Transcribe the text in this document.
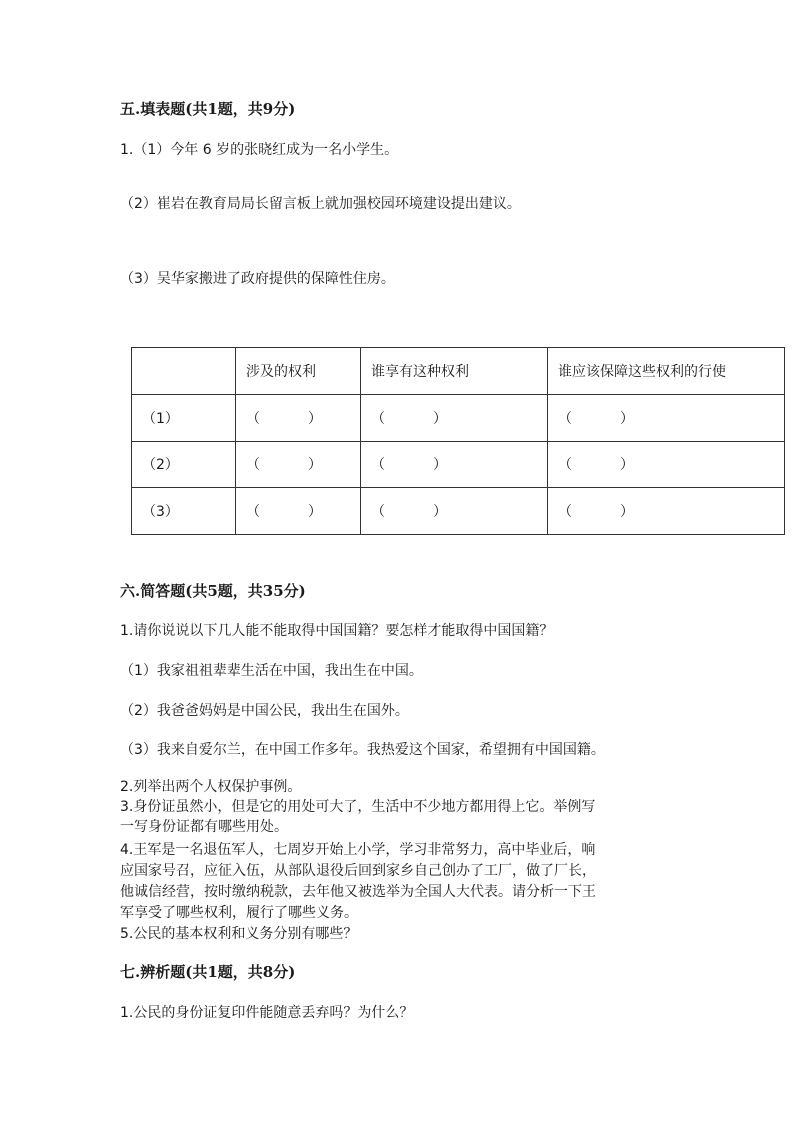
五.填表题(共1题，共9分)
1.（1）今年 6 岁的张晓红成为一名小学生。
（2）崔岩在教育局局长留言板上就加强校园环境建设提出建议。
（3）吴华家搬进了政府提供的保障性住房。
	涉及的权利	谁享有这种权利	谁应该保障这些权利的行使
（1）	（ ）	（ ）	（ ）

（2）	（ ）	（ ）	（ ）

（3）	（ ）	（ ）	（ ）
六.简答题(共5题，共35分)
1.请你说说以下几人能不能取得中国国籍？要怎样才能取得中国国籍？
（1）我家祖祖辈辈生活在中国，我出生在中国。
（2）我爸爸妈妈是中国公民，我出生在国外。
（3）我来自爱尔兰，在中国工作多年。我热爱这个国家，希望拥有中国国籍。
2.列举出两个人权保护事例。
3.身份证虽然小，但是它的用处可大了，生活中不少地方都用得上它。举例写
一写身份证都有哪些用处。
4.王军是一名退伍军人，七周岁开始上小学，学习非常努力，高中毕业后，响
应国家号召，应征入伍，从部队退役后回到家乡自己创办了工厂，做了厂长，
他诚信经营，按时缴纳税款，去年他又被选举为全国人大代表。请分析一下王
军享受了哪些权利，履行了哪些义务。
5.公民的基本权利和义务分别有哪些？
七.辨析题(共1题，共8分)
1.公民的身份证复印件能随意丢弃吗？为什么？
